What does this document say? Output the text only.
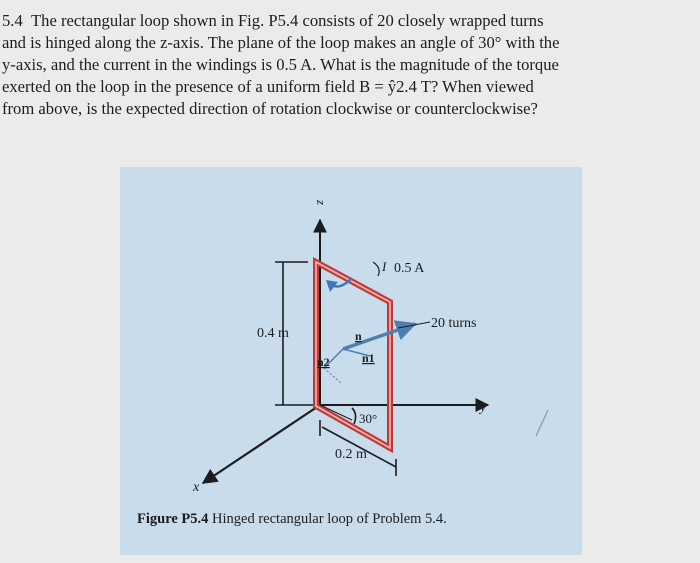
5.4 The rectangular loop shown in Fig. P5.4 consists of 20 closely wrapped turns

and is hinged along the z-axis. The plane of the loop makes an angle of 30° with the

y-axis, and the current in the windings is 0.5 A. What is the magnitude of the torque

exerted on the loop in the presence of a uniform field B = ŷ2.4 T? When viewed

from above, is the expected direction of rotation clockwise or counterclockwise?

z
y
x
I 0.5 A
0.4 m
20 turns
n
n1
n2
30°
0.2 m
Figure P5.4 Hinged rectangular loop of Problem 5.4.
